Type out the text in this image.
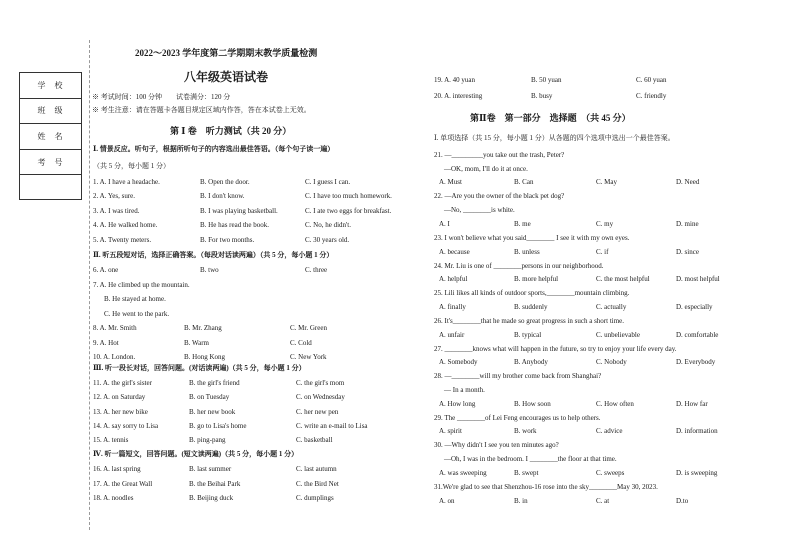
2022～2023 学年度第二学期期末教学质量检测
八年级英语试卷
※ 考试时间：100 分钟　　试卷满分：120 分
※ 考生注意：请在答题卡各题目规定区域内作答，答在本试卷上无效。
学校
班级
姓名
考号
第 Ⅰ 卷　听力测试（共 20 分）
Ⅰ. 情景反应。听句子，根据所听句子的内容选出最佳答语。（每个句子读一遍）
（共 5 分，每小题 1 分）
Ⅱ. 听五段短对话，选择正确答案。（每段对话读两遍）（共 5 分，每小题 1 分）
6. A. one	B. two	C. three
7. A. He climbed up the mountain.
B. He stayed at home.
C. He went to the park.
Ⅲ. 听一段长对话，回答问题。(对话读两遍)（共 5 分，每小题 1 分）
Ⅳ. 听一篇短文，回答问题。(短文读两遍)（共 5 分，每小题 1 分）
第Ⅱ卷　第一部分　选择题　（共 45 分）
Ⅰ. 单项选择（共 15 分，每小题 1 分）从各题的四个选项中选出一个最佳答案。
1. A. I have a headache.	B. Open the door.	C. I guess I can.
2. A. Yes, sure.	B. I don't know.	C. I have too much homework.
3. A. I was tired.	B. I was playing basketball.	C. I ate two eggs for breakfast.
4. A. He walked home.	B. He has read the book.	C. No, he didn't.
5. A. Twenty meters.	B. For two months.	C. 30 years old.
8. A. Mr. Smith	B. Mr. Zhang	C. Mr. Green
9. A. Hot	B. Warm	C. Cold
10. A. London.	B. Hong Kong	C. New York
11. A. the girl's sister	B. the girl's friend	C. the girl's mom
12. A. on Saturday	B. on Tuesday	C. on Wednesday
13. A. her new bike	B. her new book	C. her new pen
14. A. say sorry to Lisa	B. go to Lisa's home	C. write an e-mail to Lisa
15. A. tennis	B. ping-pang	C. basketball
16. A. last spring	B. last summer	C. last autumn
17. A. the Great Wall	B. the Beihai Park	C. the Bird Net
18. A. noodles	B. Beijing duck	C. dumplings
19. A. 40 yuan	B. 50 yuan	C. 60 yuan
20. A. interesting	B. busy	C. friendly
21. —_________you take out the trash, Peter?
—OK, mom, I'll do it at once.
A. Must	B. Can	C. May	D. Need
22. —Are you the owner of the black pet dog?
—No, ________is white.
A. I	B. me	C. my	D. mine
23. I won't believe what you said________ I see it with my own eyes.
A. because	B. unless	C. if	D. since
24. Mr. Liu is one of ________persons in our neighborhood.
A. helpful	B. more helpful	C. the most helpful	D. most helpful
25. Lili likes all kinds of outdoor sports,________mountain climbing.
A. finally	B. suddenly	C. actually	D. especially
26. It's________that he made so great progress in such a short time.
A. unfair	B. typical	C. unbelievable	D. comfortable
27. ________knows what will happen in the future, so try to enjoy your life every day.
A. Somebody	B. Anybody	C. Nobody	D. Everybody
28. —________will my brother come back from Shanghai?
— In a month.
A. How long	B. How soon	C. How often	D. How far
29. The ________of Lei Feng encourages us to help others.
A. spirit	B. work	C. advice	D. information
30. —Why didn't I see you ten minutes ago?
—Oh, I was in the bedroom. I ________the floor at that time.
A. was sweeping	B. swept	C. sweeps	D. is sweeping
31.We're glad to see that Shenzhou-16 rose into the sky________May 30, 2023.
A. on	B. in	C. at	D.to
